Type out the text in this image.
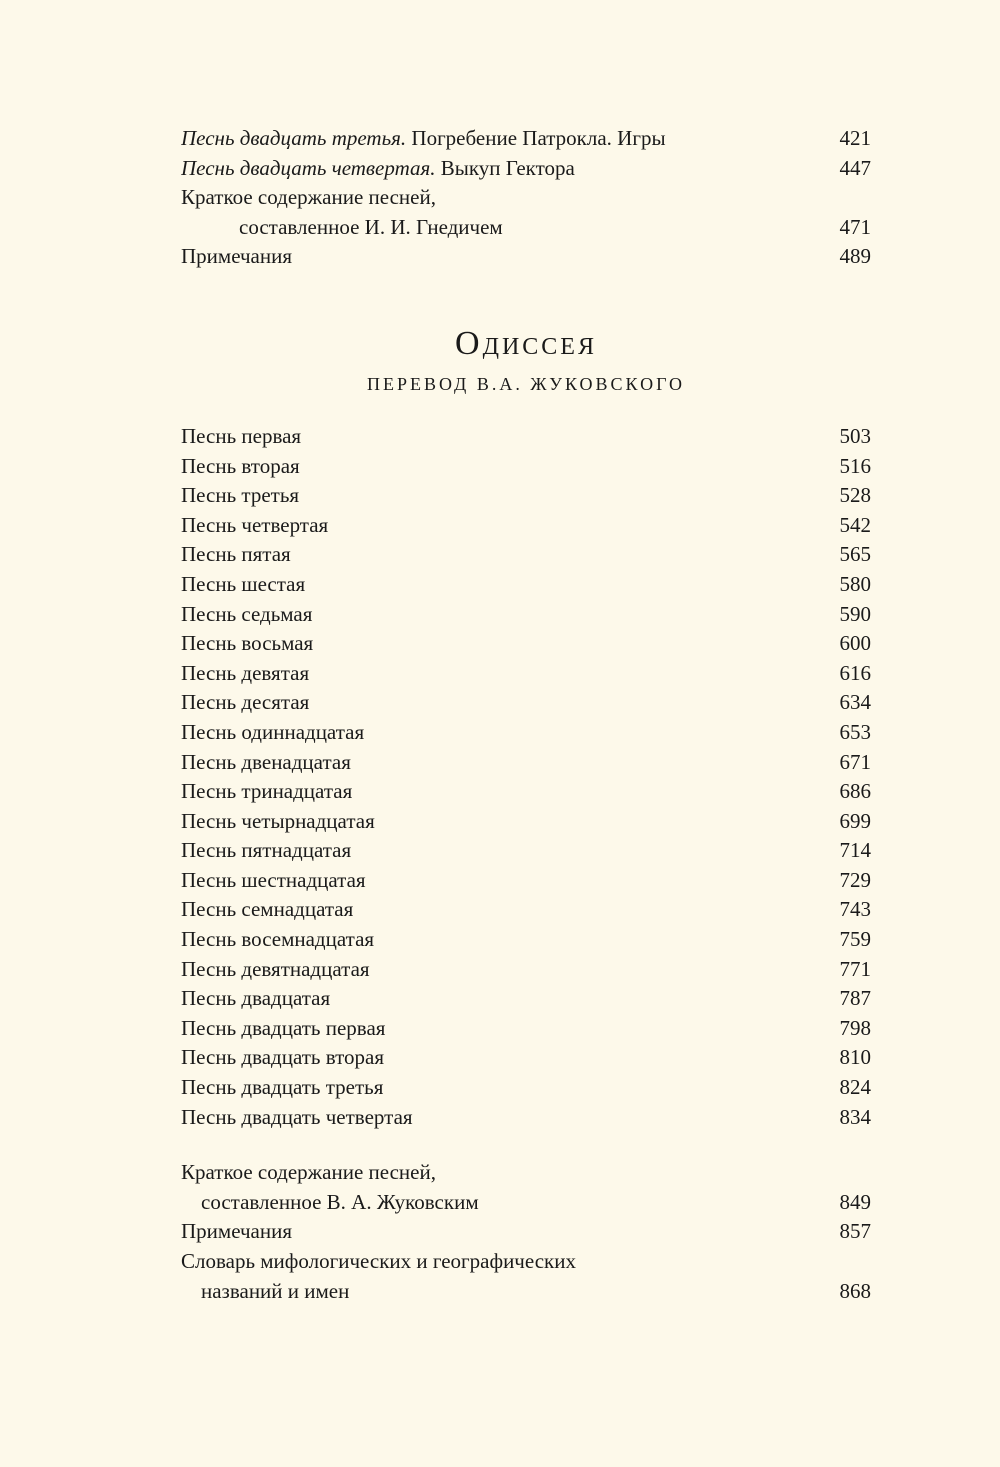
Песнь двадцать третья. Погребение Патрокла. Игры	421
Песнь двадцать четвертая. Выкуп Гектора	447
Краткое содержание песней,
составленное И. И. Гнедичем	471
Примечания	489
Одиссея
ПЕРЕВОД В.А. ЖУКОВСКОГО
Песнь первая	503
Песнь вторая	516
Песнь третья	528
Песнь четвертая	542
Песнь пятая	565
Песнь шестая	580
Песнь седьмая	590
Песнь восьмая	600
Песнь девятая	616
Песнь десятая	634
Песнь одиннадцатая	653
Песнь двенадцатая	671
Песнь тринадцатая	686
Песнь четырнадцатая	699
Песнь пятнадцатая	714
Песнь шестнадцатая	729
Песнь семнадцатая	743
Песнь восемнадцатая	759
Песнь девятнадцатая	771
Песнь двадцатая	787
Песнь двадцать первая	798
Песнь двадцать вторая	810
Песнь двадцать третья	824
Песнь двадцать четвертая	834
Краткое содержание песней,
составленное В. А. Жуковским	849
Примечания	857
Словарь мифологических и географических
названий и имен	868
